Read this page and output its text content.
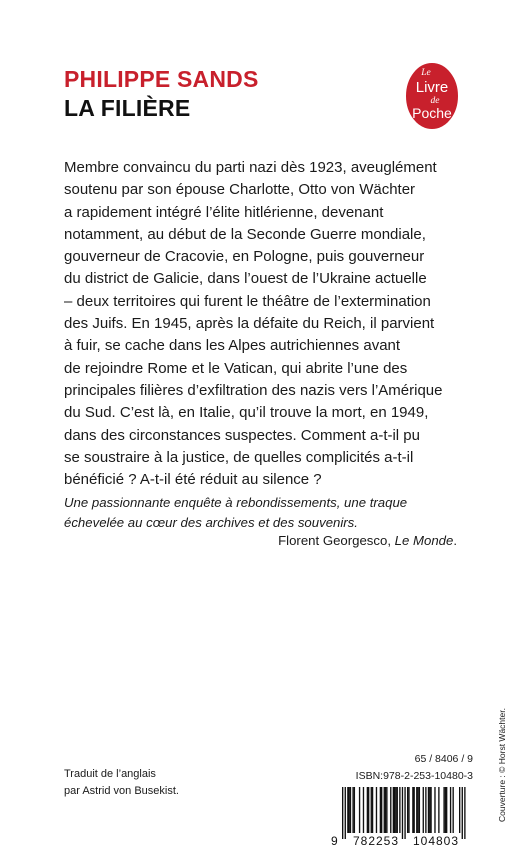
PHILIPPE SANDS
LA FILIÈRE
Le
Livre
de
Poche
Membre convaincu du parti nazi dès 1923, aveuglément
soutenu par son épouse Charlotte, Otto von Wächter
a rapidement intégré l’élite hitlérienne, devenant
notamment, au début de la Seconde Guerre mondiale,
gouverneur de Cracovie, en Pologne, puis gouverneur
du district de Galicie, dans l’ouest de l’Ukraine actuelle
– deux territoires qui furent le théâtre de l’extermination
des Juifs. En 1945, après la défaite du Reich, il parvient
à fuir, se cache dans les Alpes autrichiennes avant
de rejoindre Rome et le Vatican, qui abrite l’une des
principales filières d’exfiltration des nazis vers l’Amérique
du Sud. C’est là, en Italie, qu’il trouve la mort, en 1949,
dans des circonstances suspectes. Comment a-t-il pu
se soustraire à la justice, de quelles complicités a-t-il
bénéficié ? A-t-il été réduit au silence ?
Une passionnante enquête à rebondissements, une traque
échevelée au cœur des archives et des souvenirs.
Florent Georgesco, Le Monde.
Traduit de l’anglais
par Astrid von Busekist.
65 / 8406 / 9
ISBN:978-2-253-10480-3
9 782253 104803
Couverture : © Horst Wächter.
